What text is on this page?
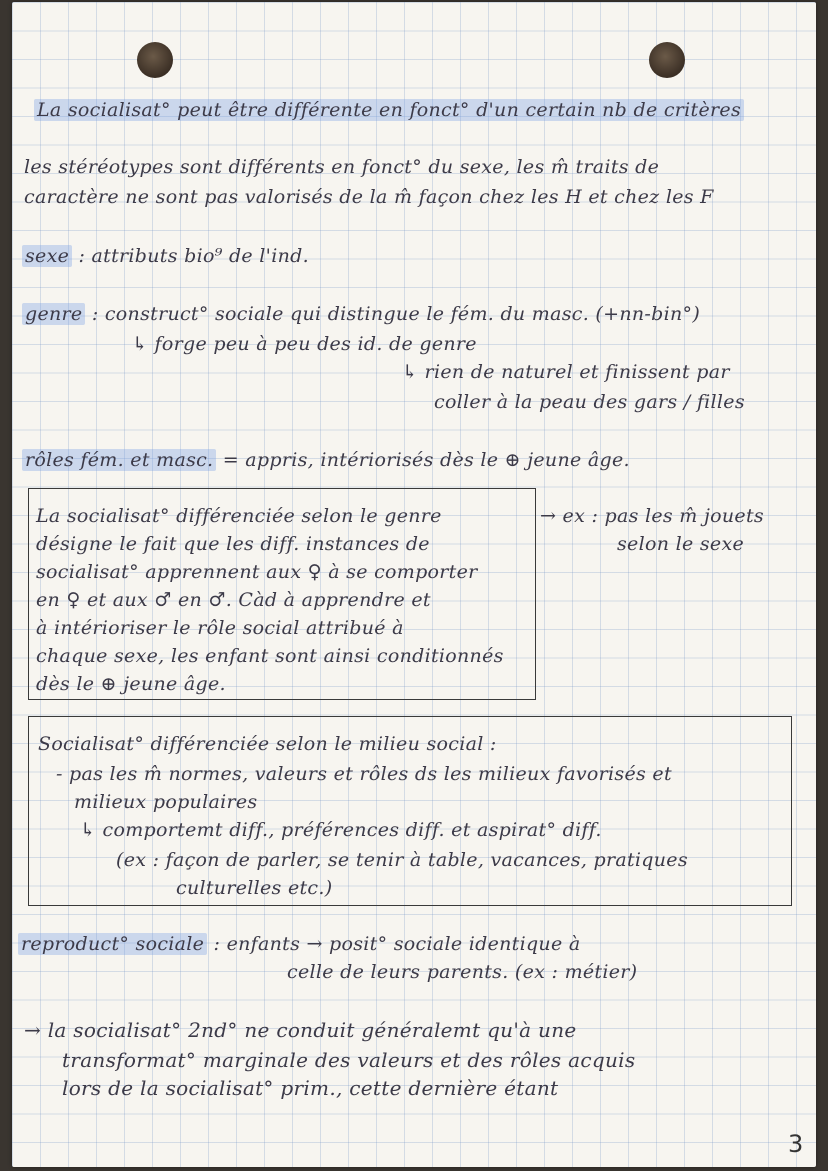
La socialisat° peut être différente en fonct° d'un certain nb de critères
les stéréotypes sont différents en fonct° du sexe, les m̂ traits de
caractère ne sont pas valorisés de la m̂ façon chez les H et chez les F
sexe : attributs bio⁹ de l'ind.
genre : construct° sociale qui distingue le fém. du masc. (+nn-bin°)
↳ forge peu à peu des id. de genre
↳ rien de naturel et finissent par
coller à la peau des gars / filles
rôles fém. et masc. = appris, intériorisés dès le ⊕ jeune âge.
La socialisat° différenciée selon le genre
désigne le fait que les diff. instances de
socialisat° apprennent aux ♀ à se comporter
en ♀ et aux ♂ en ♂. Càd à apprendre et
à intérioriser le rôle social attribué à
chaque sexe, les enfant sont ainsi conditionnés
dès le ⊕ jeune âge.
→ ex : pas les m̂ jouets
selon le sexe
Socialisat° différenciée selon le milieu social :
- pas les m̂ normes, valeurs et rôles ds les milieux favorisés et
milieux populaires
↳ comportemt diff., préférences diff. et aspirat° diff.
(ex : façon de parler, se tenir à table, vacances, pratiques
culturelles etc.)
reproduct° sociale : enfants → posit° sociale identique à
celle de leurs parents. (ex : métier)
→ la socialisat° 2nd° ne conduit généralemt qu'à une
transformat° marginale des valeurs et des rôles acquis
lors de la socialisat° prim., cette dernière étant
3
